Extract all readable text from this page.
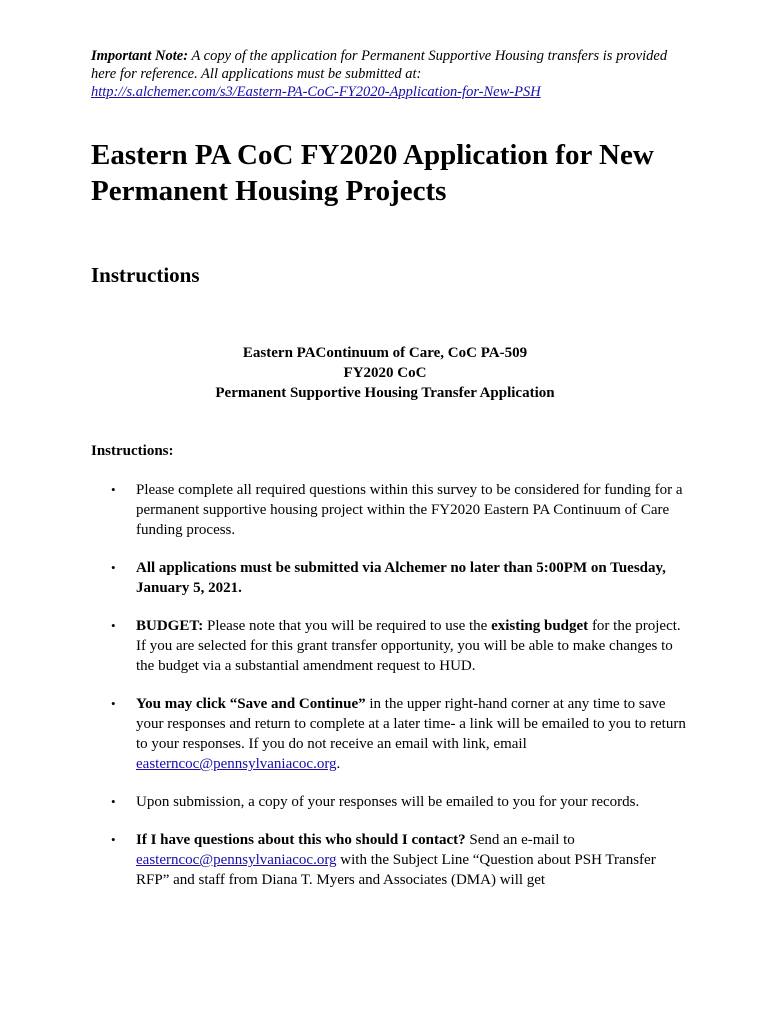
Important Note: A copy of the application for Permanent Supportive Housing transfers is provided here for reference. All applications must be submitted at:
http://s.alchemer.com/s3/Eastern-PA-CoC-FY2020-Application-for-New-PSH
Eastern PA CoC FY2020 Application for New Permanent Housing Projects
Instructions
Eastern PAContinuum of Care, CoC PA-509
FY2020 CoC
Permanent Supportive Housing Transfer Application
Instructions:
• Please complete all required questions within this survey to be considered for funding for a permanent supportive housing project within the FY2020 Eastern PA Continuum of Care funding process.
• All applications must be submitted via Alchemer no later than 5:00PM on Tuesday, January 5, 2021.
• BUDGET: Please note that you will be required to use the existing budget for the project. If you are selected for this grant transfer opportunity, you will be able to make changes to the budget via a substantial amendment request to HUD.
• You may click “Save and Continue” in the upper right-hand corner at any time to save your responses and return to complete at a later time- a link will be emailed to you to return to your responses. If you do not receive an email with link, email easterncoc@pennsylvaniacoc.org.
• Upon submission, a copy of your responses will be emailed to you for your records.
• If I have questions about this who should I contact? Send an e-mail to easterncoc@pennsylvaniacoc.org with the Subject Line “Question about PSH Transfer RFP” and staff from Diana T. Myers and Associates (DMA) will get
